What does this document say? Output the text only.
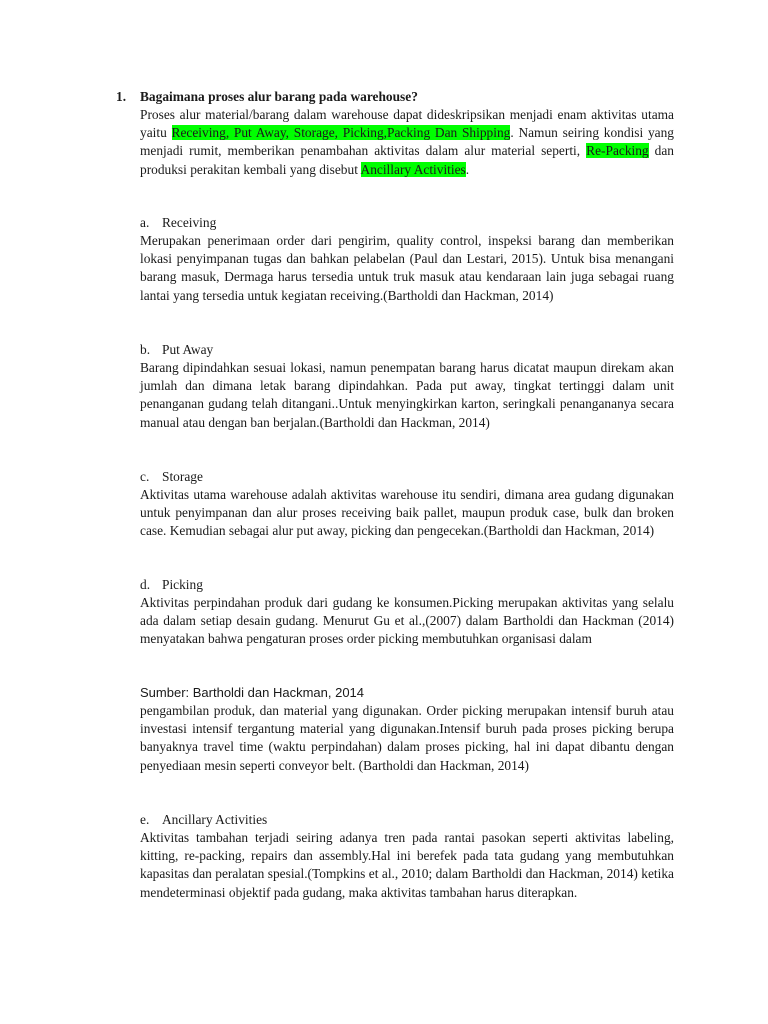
1. Bagaimana proses alur barang pada warehouse?
Proses alur material/barang dalam warehouse dapat dideskripsikan menjadi enam aktivitas utama yaitu Receiving, Put Away, Storage, Picking,Packing Dan Shipping. Namun seiring kondisi yang menjadi rumit, memberikan penambahan aktivitas dalam alur material seperti, Re-Packing dan produksi perakitan kembali yang disebut Ancillary Activities.
a. Receiving
Merupakan penerimaan order dari pengirim, quality control, inspeksi barang dan memberikan lokasi penyimpanan tugas dan bahkan pelabelan (Paul dan Lestari, 2015). Untuk bisa menangani barang masuk, Dermaga harus tersedia untuk truk masuk atau kendaraan lain juga sebagai ruang lantai yang tersedia untuk kegiatan receiving.(Bartholdi dan Hackman, 2014)
b. Put Away
Barang dipindahkan sesuai lokasi, namun penempatan barang harus dicatat maupun direkam akan jumlah dan dimana letak barang dipindahkan. Pada put away, tingkat tertinggi dalam unit penanganan gudang telah ditangani..Untuk menyingkirkan karton, seringkali penangananya secara manual atau dengan ban berjalan.(Bartholdi dan Hackman, 2014)
c. Storage
Aktivitas utama warehouse adalah aktivitas warehouse itu sendiri, dimana area gudang digunakan untuk penyimpanan dan alur proses receiving baik pallet, maupun produk case, bulk dan broken case. Kemudian sebagai alur put away, picking dan pengecekan.(Bartholdi dan Hackman, 2014)
d. Picking
Aktivitas perpindahan produk dari gudang ke konsumen.Picking merupakan aktivitas yang selalu ada dalam setiap desain gudang. Menurut Gu et al.,(2007) dalam Bartholdi dan Hackman (2014) menyatakan bahwa pengaturan proses order picking membutuhkan organisasi dalam
Sumber: Bartholdi dan Hackman, 2014
pengambilan produk, dan material yang digunakan. Order picking merupakan intensif buruh atau investasi intensif tergantung material yang digunakan.Intensif buruh pada proses picking berupa banyaknya travel time (waktu perpindahan) dalam proses picking, hal ini dapat dibantu dengan penyediaan mesin seperti conveyor belt. (Bartholdi dan Hackman, 2014)
e. Ancillary Activities
Aktivitas tambahan terjadi seiring adanya tren pada rantai pasokan seperti aktivitas labeling, kitting, re-packing, repairs dan assembly.Hal ini berefek pada tata gudang yang membutuhkan kapasitas dan peralatan spesial.(Tompkins et al., 2010; dalam Bartholdi dan Hackman, 2014) ketika mendeterminasi objektif pada gudang, maka aktivitas tambahan harus diterapkan.
